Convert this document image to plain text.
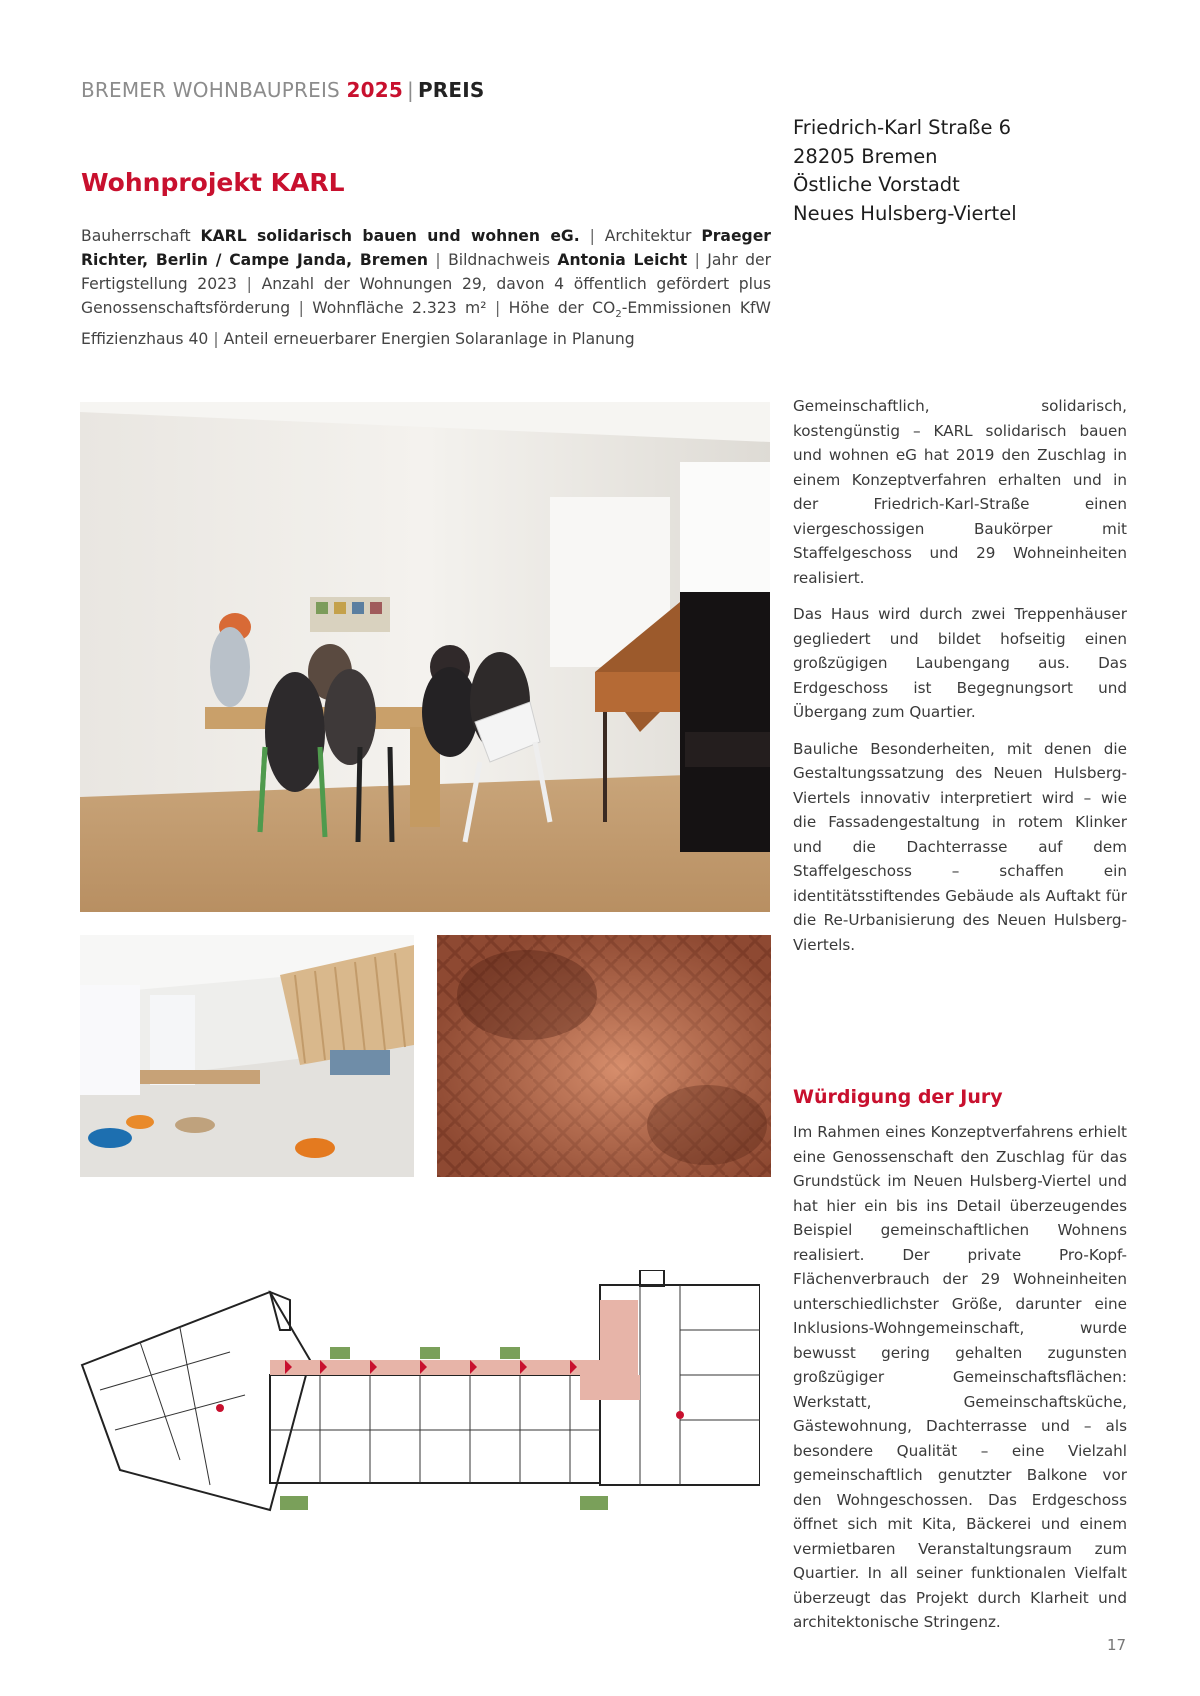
BREMER WOHNBAUPREIS 2025 | PREIS
Wohnprojekt KARL
Friedrich-Karl Straße 6
28205 Bremen
Östliche Vorstadt
Neues Hulsberg-Viertel
Bauherrschaft KARL solidarisch bauen und wohnen eG. | Architektur Praeger Richter, Berlin / Campe Janda, Bremen | Bildnachweis Antonia Leicht | Jahr der Fertigstellung 2023 | Anzahl der Wohnungen 29, davon 4 öffentlich gefördert plus Genossenschaftsförderung | Wohnfläche 2.323 m² | Höhe der $CO_2$-Emmissionen KfW Effizienzhaus 40 | Anteil erneuerbarer Energien Solaranlage in Planung

Gemeinschaftlich, solidarisch, kostengünstig – KARL solidarisch bauen und wohnen eG hat 2019 den Zuschlag in einem Konzeptverfahren erhalten und in der Friedrich-Karl-Straße einen viergeschossigen Baukörper mit Staffelgeschoss und 29 Wohneinheiten realisiert.

Das Haus wird durch zwei Treppenhäuser gegliedert und bildet hofseitig einen großzügigen Laubengang aus. Das Erdgeschoss ist Begegnungsort und Übergang zum Quartier.

Bauliche Besonderheiten, mit denen die Gestaltungssatzung des Neuen Hulsberg-Viertels innovativ interpretiert wird – wie die Fassadengestaltung in rotem Klinker und die Dachterrasse auf dem Staffelgeschoss – schaffen ein identitätsstiftendes Gebäude als Auftakt für die Re-Urbanisierung des Neuen Hulsberg-Viertels.

Würdigung der Jury

Im Rahmen eines Konzeptverfahrens erhielt eine Genossenschaft den Zuschlag für das Grundstück im Neuen Hulsberg-Viertel und hat hier ein bis ins Detail überzeugendes Beispiel gemeinschaftlichen Wohnens realisiert. Der private Pro-Kopf-Flächenverbrauch der 29 Wohneinheiten unterschiedlichster Größe, darunter eine Inklusions-Wohngemeinschaft, wurde bewusst gering gehalten zugunsten großzügiger Gemeinschaftsflächen: Werkstatt, Gemeinschaftsküche, Gästewohnung, Dachterrasse und – als besondere Qualität – eine Vielzahl gemeinschaftlich genutzter Balkone vor den Wohngeschossen. Das Erdgeschoss öffnet sich mit Kita, Bäckerei und einem vermietbaren Veranstaltungsraum zum Quartier. In all seiner funktionalen Vielfalt überzeugt das Projekt durch Klarheit und architektonische Stringenz.

17
